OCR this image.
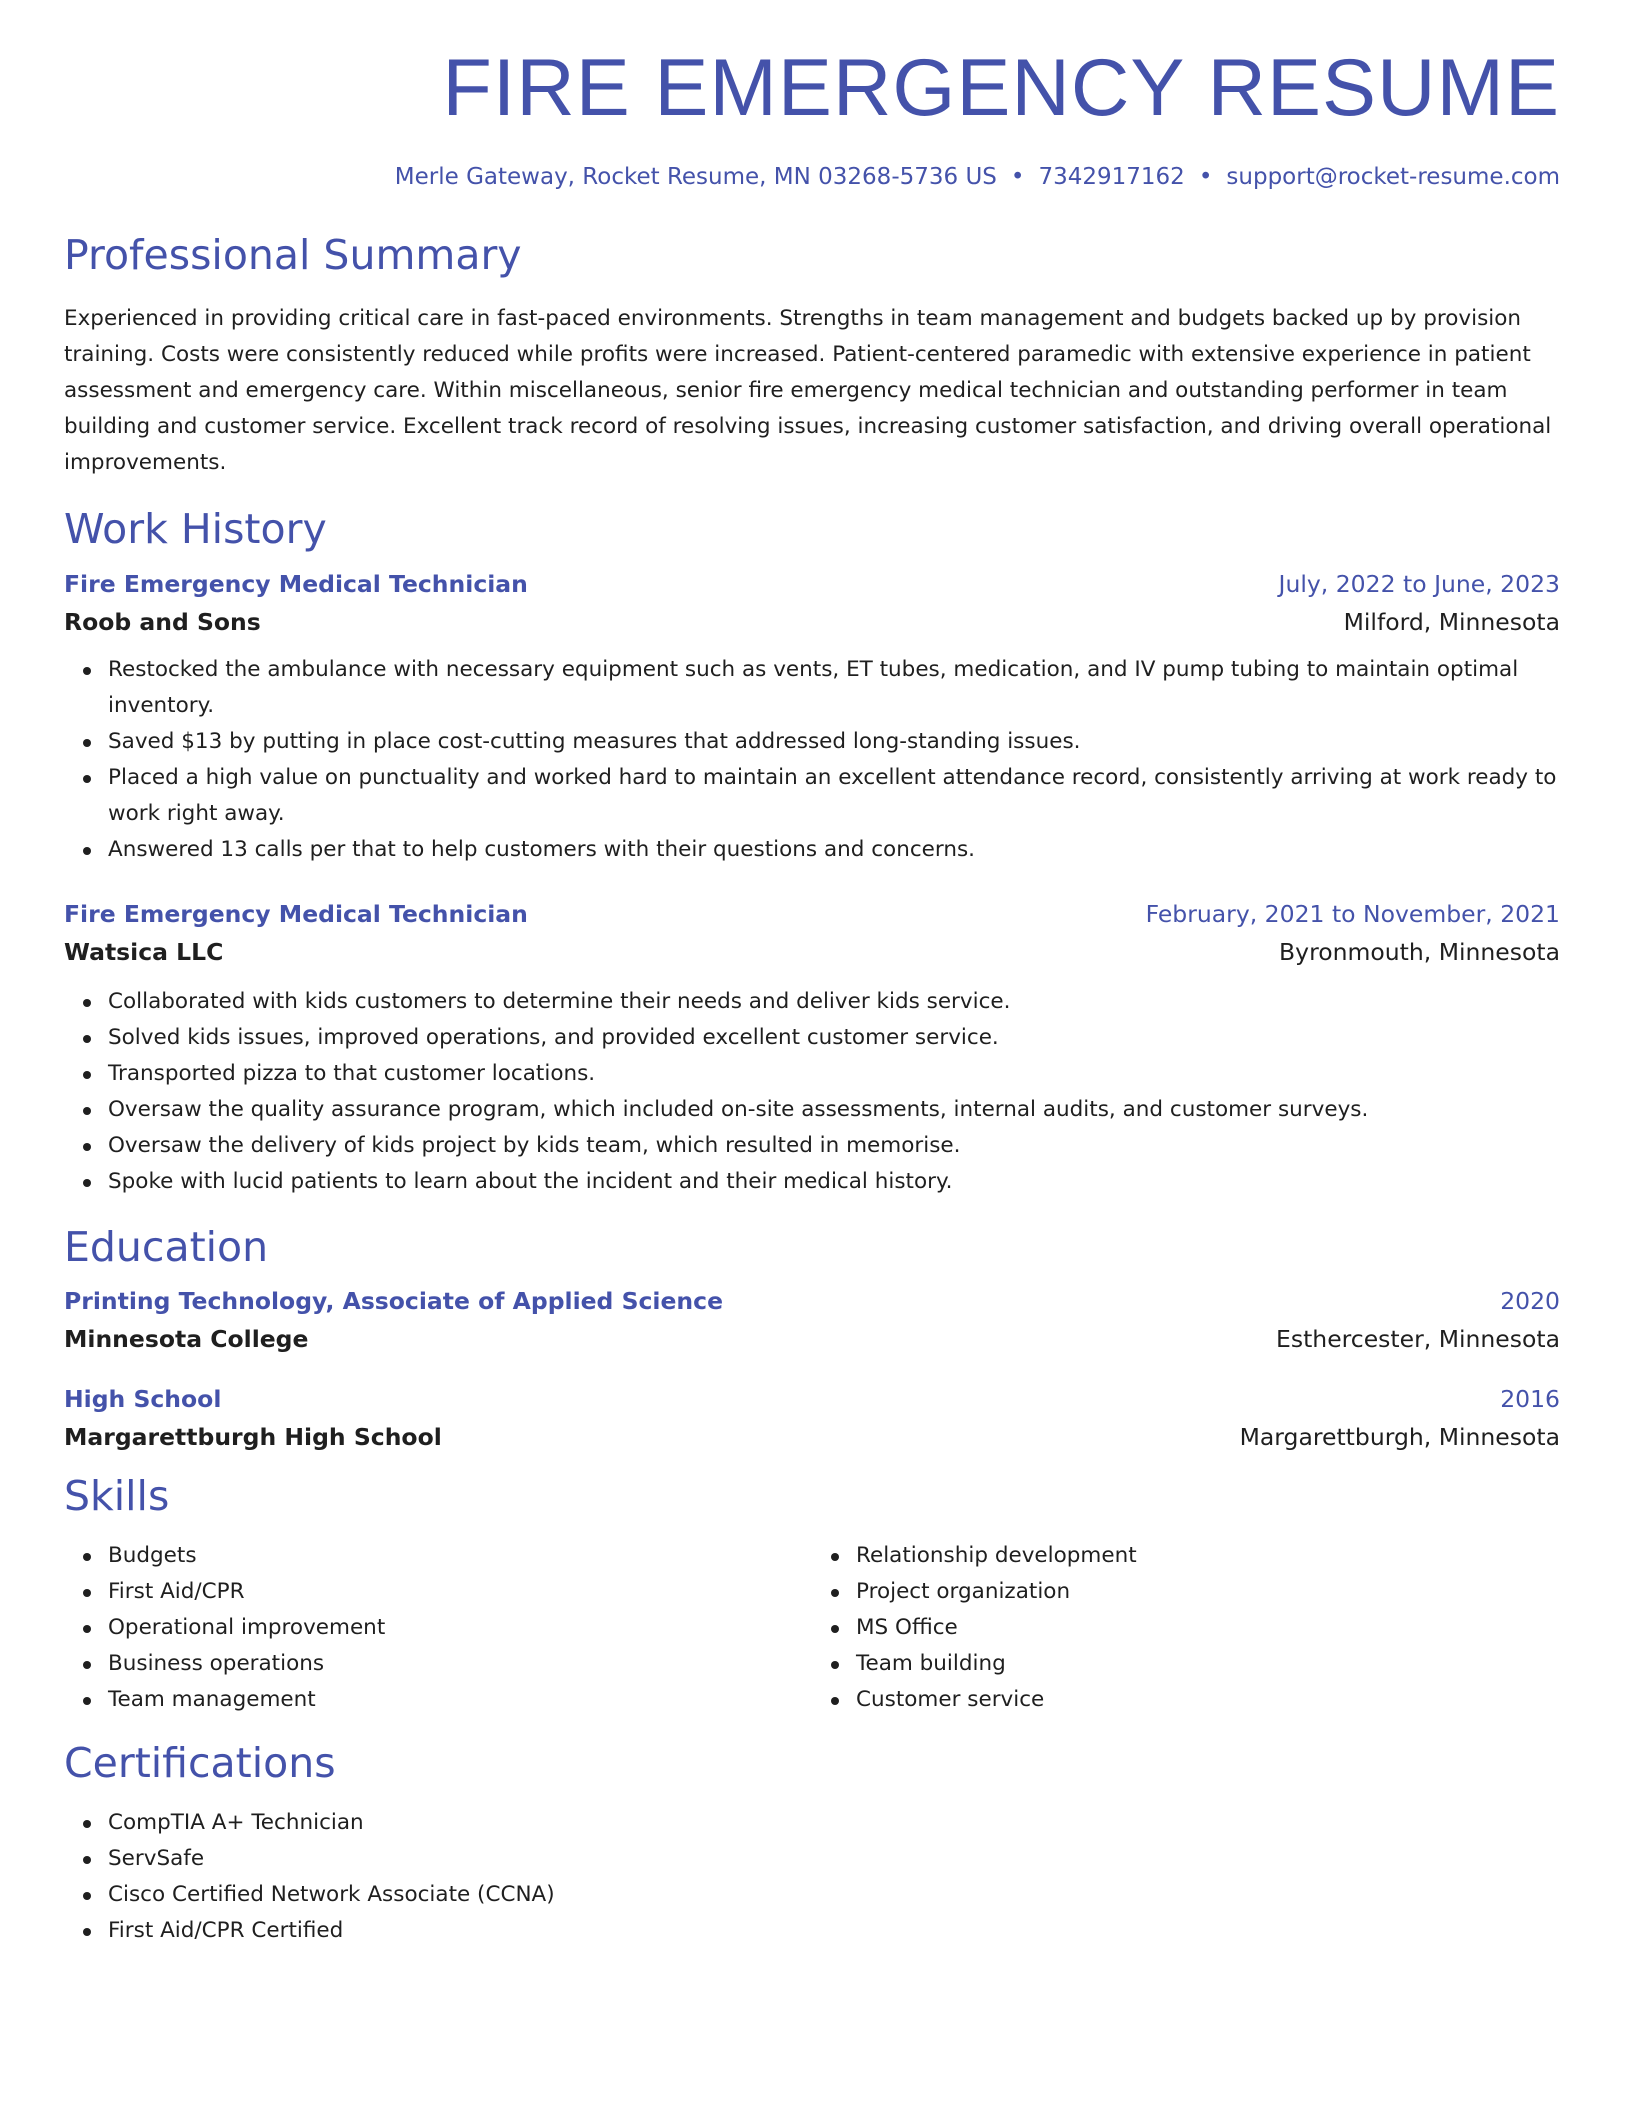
FIRE EMERGENCY RESUME
Merle Gateway, Rocket Resume, MN 03268-5736 US • 7342917162 • support@rocket-resume.com
Professional Summary

Experienced in providing critical care in fast-paced environments. Strengths in team management and budgets backed up by provision training. Costs were consistently reduced while profits were increased. Patient-centered paramedic with extensive experience in patient assessment and emergency care. Within miscellaneous, senior fire emergency medical technician and outstanding performer in team building and customer service. Excellent track record of resolving issues, increasing customer satisfaction, and driving overall operational improvements.

Work History
Fire Emergency Medical Technician	July, 2022 to June, 2023
Roob and Sons	Milford, Minnesota
Restocked the ambulance with necessary equipment such as vents, ET tubes, medication, and IV pump tubing to maintain optimal inventory.
Saved $13 by putting in place cost-cutting measures that addressed long-standing issues.
Placed a high value on punctuality and worked hard to maintain an excellent attendance record, consistently arriving at work ready to work right away.
Answered 13 calls per that to help customers with their questions and concerns.
Fire Emergency Medical Technician	February, 2021 to November, 2021
Watsica LLC	Byronmouth, Minnesota
Collaborated with kids customers to determine their needs and deliver kids service.
Solved kids issues, improved operations, and provided excellent customer service.
Transported pizza to that customer locations.
Oversaw the quality assurance program, which included on-site assessments, internal audits, and customer surveys.
Oversaw the delivery of kids project by kids team, which resulted in memorise.
Spoke with lucid patients to learn about the incident and their medical history.
Education
Printing Technology, Associate of Applied Science	2020
Minnesota College	Esthercester, Minnesota
High School	2016
Margarettburgh High School	Margarettburgh, Minnesota
Skills
Budgets
First Aid/CPR
Operational improvement
Business operations
Team management
Relationship development
Project organization
MS Office
Team building
Customer service
Certifications
CompTIA A+ Technician
ServSafe
Cisco Certified Network Associate (CCNA)
First Aid/CPR Certified
